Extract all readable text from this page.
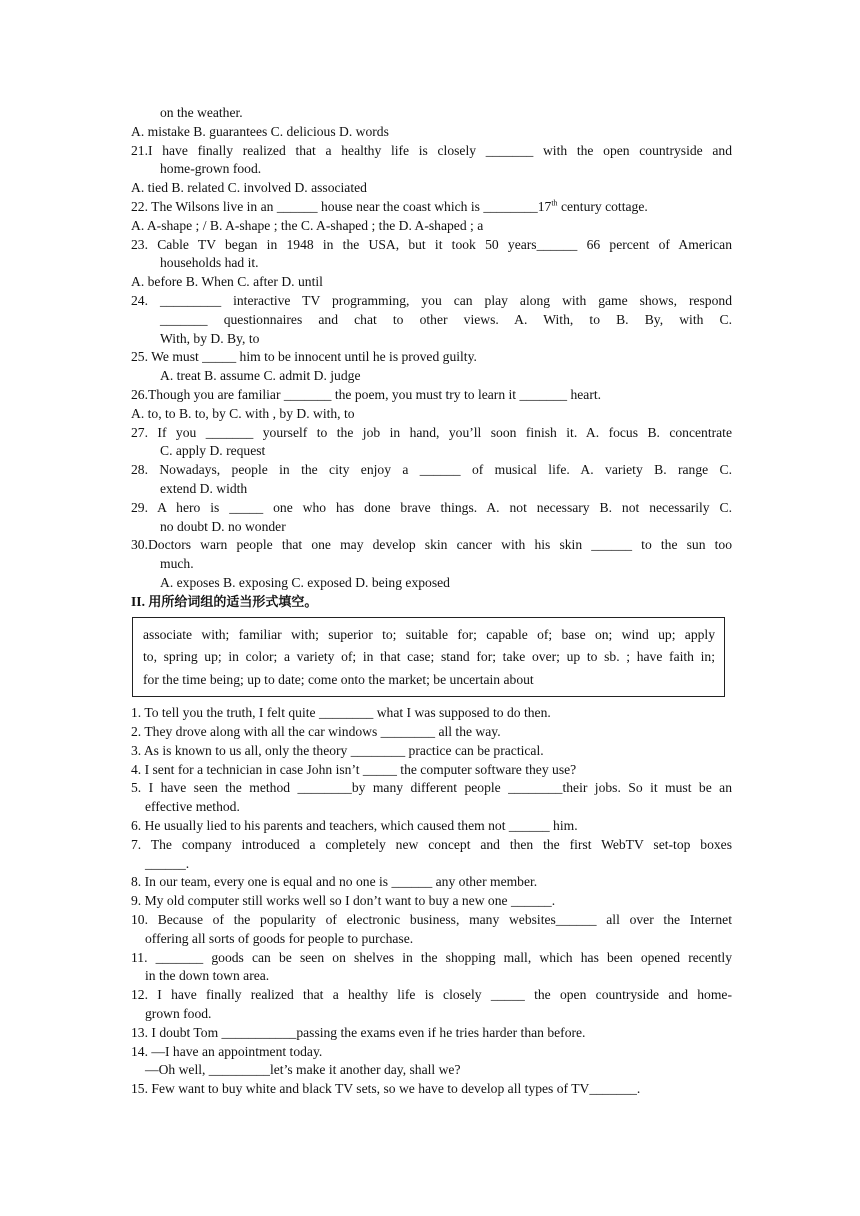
on the weather.
A. mistake B. guarantees C. delicious D. words
21.I have finally realized that a healthy life is closely _______ with the open countryside and
home-grown food.
A. tied B. related C. involved D. associated
22. The Wilsons live in an ______ house near the coast which is ________17th century cottage.
A. A-shape ; / B. A-shape ; the C. A-shaped ; the D. A-shaped ; a
23. Cable TV began in 1948 in the USA, but it took 50 years______ 66 percent of American
households had it.
A. before B. When C. after D. until
24. _________ interactive TV programming, you can play along with game shows, respond
_______ questionnaires and chat to other views. A. With, to B. By, with C.
With, by D. By, to
25. We must _____ him to be innocent until he is proved guilty.
A. treat B. assume C. admit D. judge
26.Though you are familiar _______ the poem, you must try to learn it _______ heart.
A. to, to B. to, by C. with , by D. with, to
27. If you _______ yourself to the job in hand, you’ll soon finish it. A. focus B. concentrate
C. apply D. request
28. Nowadays, people in the city enjoy a ______ of musical life. A. variety B. range C.
extend D. width
29. A hero is _____ one who has done brave things. A. not necessary B. not necessarily C.
no doubt D. no wonder
30.Doctors warn people that one may develop skin cancer with his skin ______ to the sun too
much.
A. exposes B. exposing C. exposed D. being exposed
II. 用所给词组的适当形式填空。
associate with; familiar with; superior to; suitable for; capable of; base on; wind up; apply
to, spring up; in color; a variety of; in that case; stand for; take over; up to sb. ; have faith in;
for the time being; up to date; come onto the market; be uncertain about
1. To tell you the truth, I felt quite ________ what I was supposed to do then.
2. They drove along with all the car windows ________ all the way.
3. As is known to us all, only the theory ________ practice can be practical.
4. I sent for a technician in case John isn’t _____ the computer software they use?
5. I have seen the method ________by many different people ________their jobs. So it must be an
effective method.
6. He usually lied to his parents and teachers, which caused them not ______ him.
7. The company introduced a completely new concept and then the first WebTV set-top boxes
______.
8. In our team, every one is equal and no one is ______ any other member.
9. My old computer still works well so I don’t want to buy a new one ______.
10. Because of the popularity of electronic business, many websites______ all over the Internet
offering all sorts of goods for people to purchase.
11. _______ goods can be seen on shelves in the shopping mall, which has been opened recently
in the down town area.
12. I have finally realized that a healthy life is closely _____ the open countryside and home-
grown food.
13. I doubt Tom ___________passing the exams even if he tries harder than before.
14. —I have an appointment today.
—Oh well, _________let’s make it another day, shall we?
15. Few want to buy white and black TV sets, so we have to develop all types of TV_______.
